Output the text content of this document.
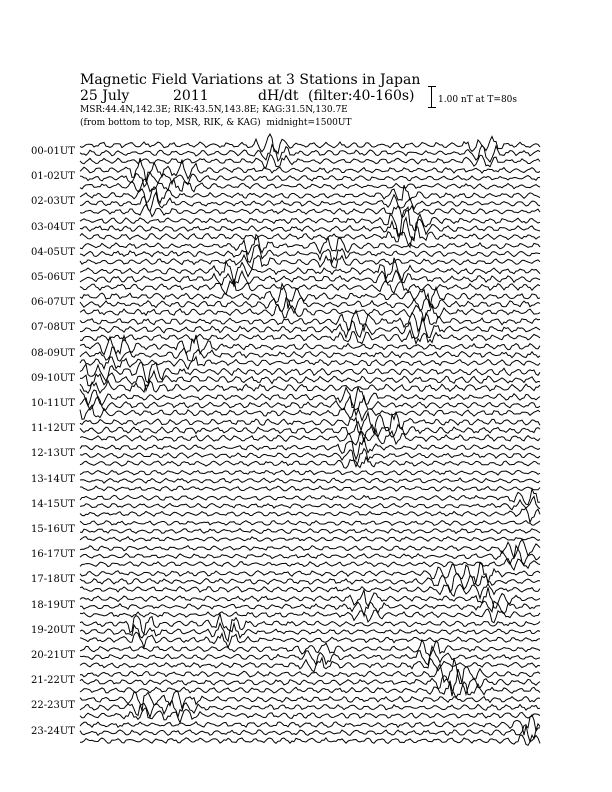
Magnetic Field Variations at 3 Stations in Japan
25 July	2011	dH/dt (filter:40-160s)
MSR:44.4N,142.3E; RIK:43.5N,143.8E; KAG:31.5N,130.7E
(from bottom to top, MSR, RIK, & KAG) midnight=1500UT
1.00 nT at T=80s
00-01UT
01-02UT
02-03UT
03-04UT
04-05UT
05-06UT
06-07UT
07-08UT
08-09UT
09-10UT
10-11UT
11-12UT
12-13UT
13-14UT
14-15UT
15-16UT
16-17UT
17-18UT
18-19UT
19-20UT
20-21UT
21-22UT
22-23UT
23-24UT
